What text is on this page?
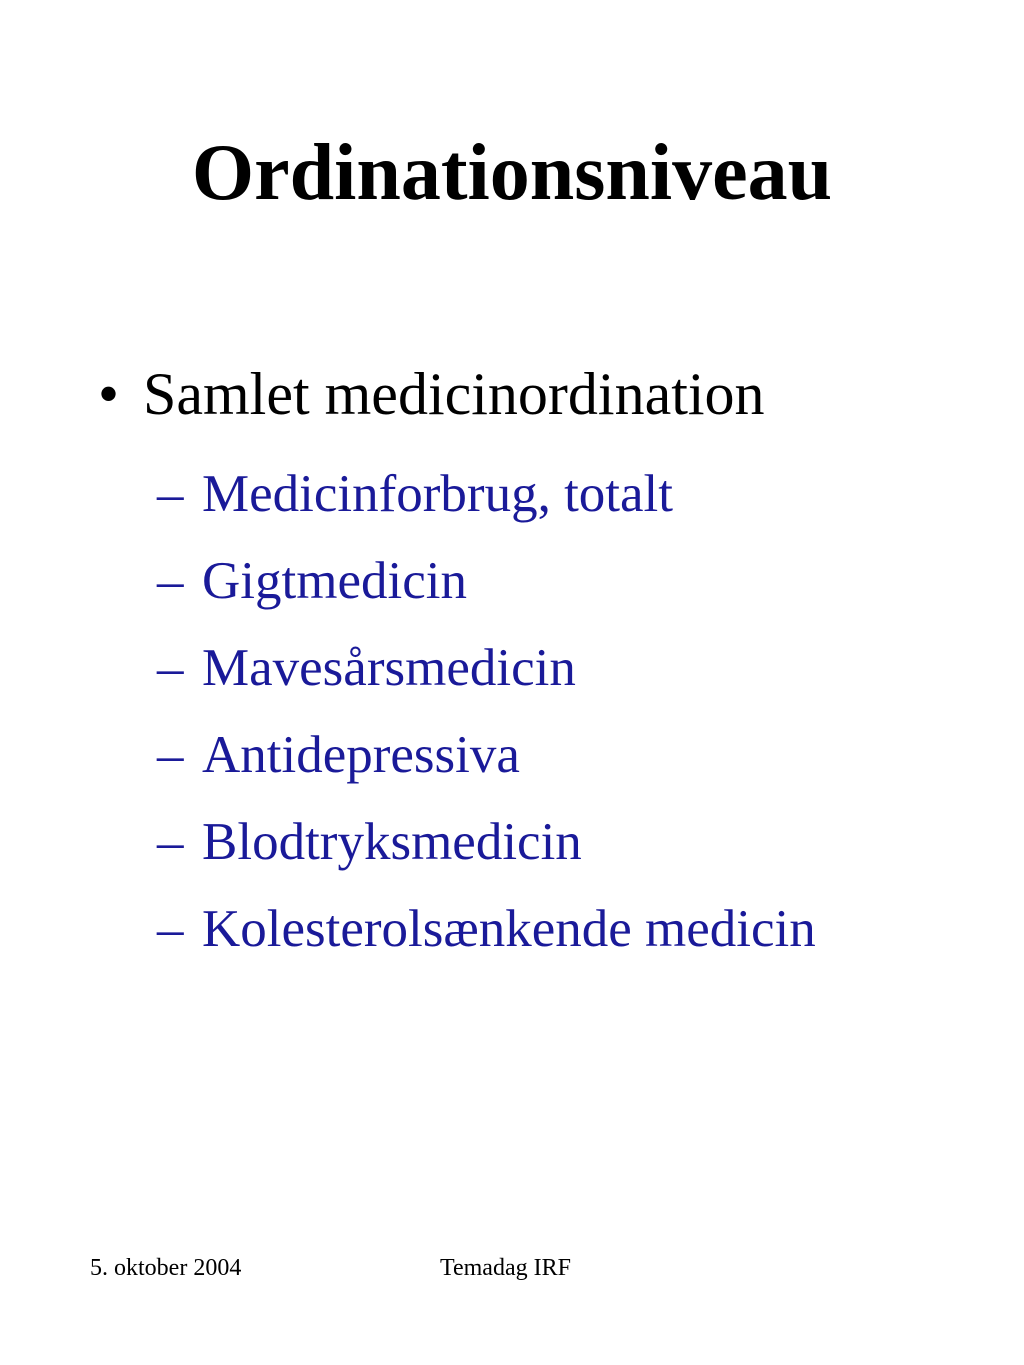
Ordinationsniveau
• Samlet medicinordination
– Medicinforbrug, totalt
– Gigtmedicin
– Mavesårsmedicin
– Antidepressiva
– Blodtryksmedicin
– Kolesterolsænkende medicin
5. oktober 2004	Temadag IRF
